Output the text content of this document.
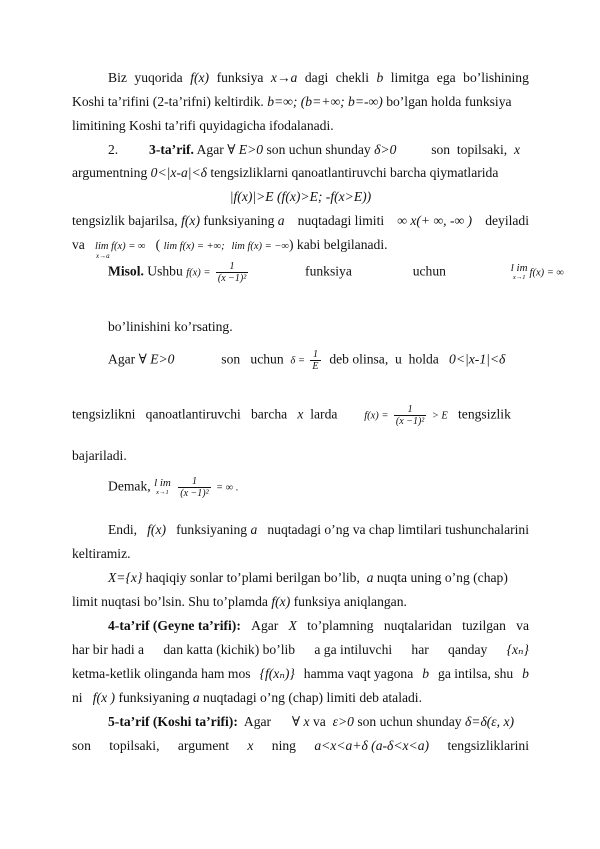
Biz yuqorida f(x) funksiya x→a dagi chekli b limitga ega bo’lishining
Koshi ta’rifini (2-ta’rifni) keltirdik. b=∞; (b=+∞; b=-∞) bo’lgan holda funksiya
limitining Koshi ta’rifi quyidagicha ifodalanadi.
2. 3-ta’rif. Agar ∀ E>0 son uchun shunday δ>0	son topilsaki, x
argumentning 0<|x-a|<δ tengsizliklarni qanoatlantiruvchi barcha qiymatlarida
|f(x)|>E (f(x)>E; -f(x>E))
tengsizlik bajarilsa, f(x) funksiyaning a nuqtadagi limiti ∞ x(+ ∞, -∞ ) deyiladi
va lim f(x) = ∞   ( lim f(x) = +∞; lim f(x) = −∞) kabi belgilanadi.
x→a
Misol. Ushbu $f(x) = \frac{1}{\text{(x −1)²}}$	funksiya	uchun	l im
x→1 f(x) = ∞
bo’linishini ko’rsating.
Agar ∀ E>0	son uchun $\delta = \frac{1}{E}$ deb olinsa, u holda 0<|x-1|<δ
tengsizlikni qanoatlantiruvchi barcha x larda	$f(x) = \frac{1}{\text{(x −1)²}} > E$ tengsizlik
bajariladi.
Demak, l im
x→1
$\frac{1}{\text{(x −1)²}}$ = ∞ .
Endi, f(x) funksiyaning a nuqtadagi o’ng va chap limtilari tushunchalarini
keltiramiz.
X={x} haqiqiy sonlar to’plami berilgan bo’lib, a nuqta uning o’ng (chap)
limit nuqtasi bo’lsin. Shu to’plamda f(x) funksiya aniqlangan.
4-ta’rif (Geyne ta’rifi): Agar X to’plamning nuqtalaridan tuzilgan va
har bir hadi a dan katta (kichik) bo’lib a ga intiluvchi har qanday {xₙ}
ketma-ketlik olinganda ham mos {f(xₙ)} hamma vaqt yagona b ga intilsa, shu b
ni f(x ) funksiyaning a nuqtadagi o’ng (chap) limiti deb ataladi.
5-ta’rif (Koshi ta’rifi): Agar ∀ x va ε>0 son uchun shunday δ=δ(ε, x)
son topilsaki, argument x ning a<x<a+δ (a-δ<x<a) tengsizliklarini
